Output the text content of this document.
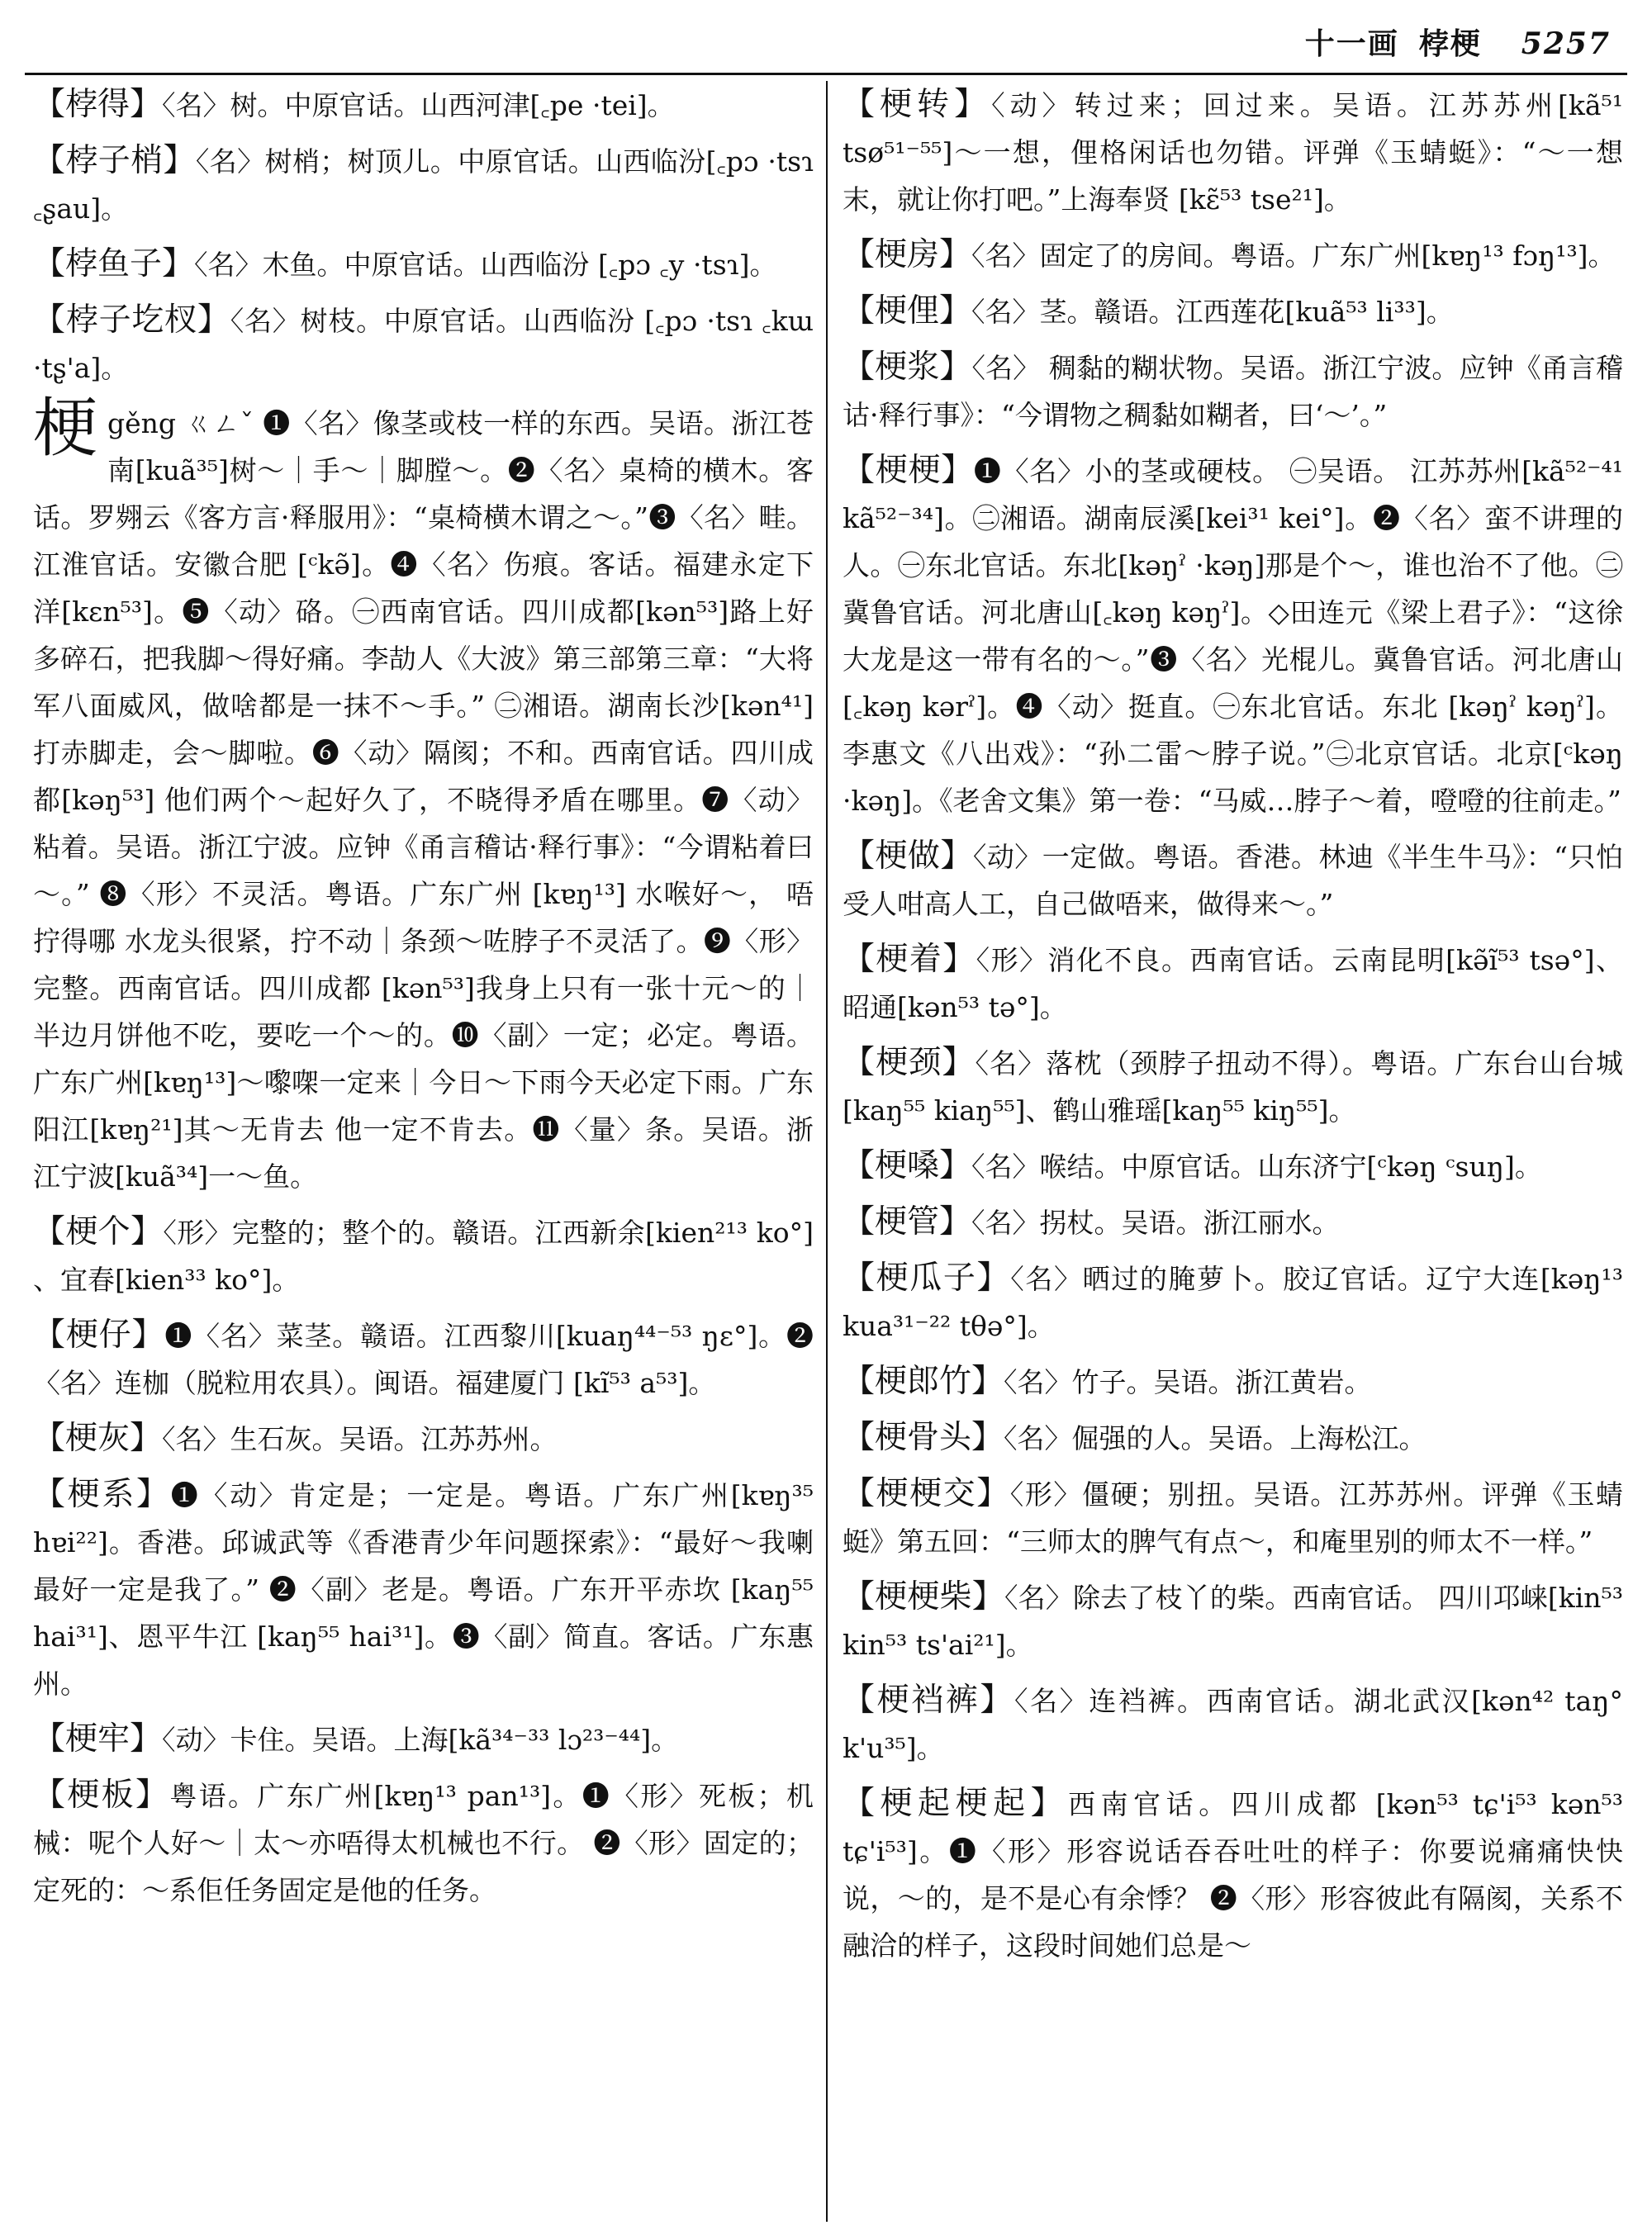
十一画 桲梗 5257
【桲得】〈名〉树。中原官话。山西河津[꜀pe ·tei]。
【桲子梢】〈名〉树梢；树顶儿。中原官话。山西临汾[꜀pɔ ·tsɿ ꜀ʂau]。
【桲鱼子】〈名〉木鱼。中原官话。山西临汾 [꜀pɔ ꜀y ·tsɿ]。
【桲子圪杈】〈名〉树枝。中原官话。山西临汾 [꜀pɔ ·tsɿ ꜀kɯ ·tʂ'a]。
梗gěng ㄍㄥˇ ❶〈名〉像茎或枝一样的东西。吴语。浙江苍南[kuã³⁵]树～｜手～｜脚膛～。❷〈名〉桌椅的横木。客话。罗翙云《客方言·释服用》：“桌椅横木谓之～。”❸〈名〉畦。江淮官话。安徽合肥 [ᶜkə̃]。❹〈名〉伤痕。客话。福建永定下洋[kɛn⁵³]。❺〈动〉硌。㊀西南官话。四川成都[kən⁵³]路上好多碎石，把我脚～得好痛。李劼人《大波》第三部第三章：“大将军八面威风，做啥都是一抹不～手。” ㊁湘语。湖南长沙[kən⁴¹]打赤脚走，会～脚啦。❻〈动〉隔阂；不和。西南官话。四川成都[kəŋ⁵³] 他们两个～起好久了，不晓得矛盾在哪里。❼〈动〉粘着。吴语。浙江宁波。应钟《甬言稽诂·释行事》：“今谓粘着曰～。” ❽〈形〉不灵活。粤语。广东广州 [kɐŋ¹³] 水喉好～， 唔拧得哪 水龙头很紧，拧不动｜条颈～咗脖子不灵活了。❾〈形〉完整。西南官话。四川成都 [kən⁵³]我身上只有一张十元～的｜半边月饼他不吃，要吃一个～的。❿〈副〉一定；必定。粤语。广东广州[kɐŋ¹³]～嚟㗎一定来｜今日～下雨今天必定下雨。广东阳江[kɐŋ²¹]其～无肯去 他一定不肯去。⓫〈量〉条。吴语。浙江宁波[kuã³⁴]一～鱼。
【梗个】〈形〉完整的；整个的。赣语。江西新余[kien²¹³ ko°] 、宜春[kien³³ ko°]。
【梗仔】❶〈名〉菜茎。赣语。江西黎川[kuaŋ⁴⁴⁻⁵³ ŋɛ°]。❷〈名〉连枷（脱粒用农具）。闽语。福建厦门 [kĩ⁵³ a⁵³]。
【梗灰】〈名〉生石灰。吴语。江苏苏州。
【梗系】❶〈动〉肯定是；一定是。粤语。广东广州[kɐŋ³⁵ hɐi²²]。香港。邱诚武等《香港青少年问题探索》：“最好～我喇最好一定是我了。” ❷〈副〉老是。粤语。广东开平赤坎 [kaŋ⁵⁵ hai³¹]、恩平牛江 [kaŋ⁵⁵ hai³¹]。❸〈副〉简直。客话。广东惠州。
【梗牢】〈动〉卡住。吴语。上海[kã³⁴⁻³³ lɔ²³⁻⁴⁴]。
【梗板】粤语。广东广州[kɐŋ¹³ pan¹³]。❶〈形〉死板；机械：呢个人好～｜太～亦唔得太机械也不行。 ❷〈形〉固定的；定死的：～系佢任务固定是他的任务。
【梗转】〈动〉转过来；回过来。吴语。江苏苏州[kã⁵¹ tsø⁵¹⁻⁵⁵]～一想，俚格闲话也勿错。评弹《玉蜻蜓》：“～一想末，就让你打吧。”上海奉贤 [kɛ̃⁵³ tse²¹]。
【梗房】〈名〉固定了的房间。粤语。广东广州[kɐŋ¹³ fɔŋ¹³]。
【梗俚】〈名〉茎。赣语。江西莲花[kuã⁵³ li³³]。
【梗浆】〈名〉 稠黏的糊状物。吴语。浙江宁波。应钟《甬言稽诂·释行事》：“今谓物之稠黏如糊者，曰‘～’。”
【梗梗】❶〈名〉小的茎或硬枝。 ㊀吴语。 江苏苏州[kã⁵²⁻⁴¹ kã⁵²⁻³⁴]。㊁湘语。湖南辰溪[kei³¹ kei°]。❷〈名〉蛮不讲理的人。㊀东北官话。东北[kəŋˀ ·kəŋ]那是个～，谁也治不了他。㊁冀鲁官话。河北唐山[꜀kəŋ kəŋˀ]。◇田连元《梁上君子》：“这徐大龙是这一带有名的～。”❸〈名〉光棍儿。冀鲁官话。河北唐山 [꜀kəŋ kərˀ]。❹〈动〉挺直。㊀东北官话。东北 [kəŋˀ kəŋˀ]。李惠文《八出戏》：“孙二雷～脖子说。”㊁北京官话。北京[ᶜkəŋ ·kəŋ]。《老舍文集》第一卷：“马威…脖子～着，噔噔的往前走。”
【梗做】〈动〉一定做。粤语。香港。林迪《半生牛马》：“只怕受人咁高人工，自己做唔来，做得来～。”
【梗着】〈形〉消化不良。西南官话。云南昆明[kə̃ĩ⁵³ tsə°]、昭通[kən⁵³ tə°]。
【梗颈】〈名〉落枕（颈脖子扭动不得）。粤语。广东台山台城[kaŋ⁵⁵ kiaŋ⁵⁵]、鹤山雅瑶[kaŋ⁵⁵ kiŋ⁵⁵]。
【梗嗓】〈名〉喉结。中原官话。山东济宁[ᶜkəŋ ᶜsuŋ]。
【梗管】〈名〉拐杖。吴语。浙江丽水。
【梗瓜子】〈名〉晒过的腌萝卜。胶辽官话。辽宁大连[kəŋ¹³ kua³¹⁻²² tθə°]。
【梗郎竹】〈名〉竹子。吴语。浙江黄岩。
【梗骨头】〈名〉倔强的人。吴语。上海松江。
【梗梗交】〈形〉僵硬；别扭。吴语。江苏苏州。评弹《玉蜻蜓》第五回：“三师太的脾气有点～，和庵里别的师太不一样。”
【梗梗柴】〈名〉除去了枝丫的柴。西南官话。 四川邛崃[kin⁵³ kin⁵³ ts'ai²¹]。
【梗裆裤】〈名〉连裆裤。西南官话。湖北武汉[kən⁴² taŋ° k'u³⁵]。
【梗起梗起】西南官话。四川成都 [kən⁵³ tɕ'i⁵³ kən⁵³ tɕ'i⁵³]。❶〈形〉形容说话吞吞吐吐的样子：你要说痛痛快快说，～的，是不是心有余悸？ ❷〈形〉形容彼此有隔阂，关系不融洽的样子，这段时间她们总是～
